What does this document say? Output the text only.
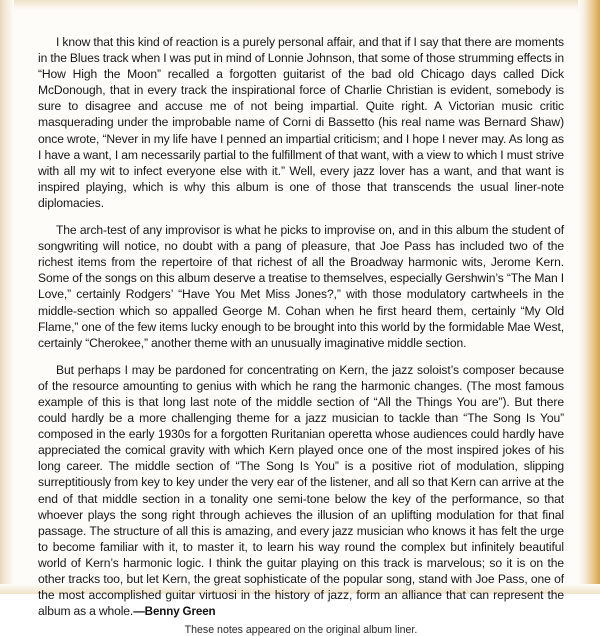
I know that this kind of reaction is a purely personal affair, and that if I say that there are moments in the Blues track when I was put in mind of Lonnie Johnson, that some of those strumming effects in “How High the Moon” recalled a forgotten guitarist of the bad old Chicago days called Dick McDonough, that in every track the inspirational force of Charlie Christian is evident, somebody is sure to disagree and accuse me of not being impartial. Quite right. A Victorian music critic masquerading under the improbable name of Corni di Bassetto (his real name was Bernard Shaw) once wrote, “Never in my life have I penned an impartial criticism; and I hope I never may. As long as I have a want, I am necessarily partial to the fulfillment of that want, with a view to which I must strive with all my wit to infect everyone else with it.” Well, every jazz lover has a want, and that want is inspired playing, which is why this album is one of those that transcends the usual liner-note diplomacies.

The arch-test of any improvisor is what he picks to improvise on, and in this album the student of songwriting will notice, no doubt with a pang of pleasure, that Joe Pass has included two of the richest items from the repertoire of that richest of all the Broadway harmonic wits, Jerome Kern. Some of the songs on this album deserve a treatise to themselves, especially Gershwin’s “The Man I Love,” certainly Rodgers’ “Have You Met Miss Jones?,” with those modulatory cartwheels in the middle-section which so appalled George M. Cohan when he first heard them, certainly “My Old Flame,” one of the few items lucky enough to be brought into this world by the formidable Mae West, certainly “Cherokee,” another theme with an unusually imaginative middle section.

But perhaps I may be pardoned for concentrating on Kern, the jazz soloist’s composer because of the resource amounting to genius with which he rang the harmonic changes. (The most famous example of this is that long last note of the middle section of “All the Things You are”). But there could hardly be a more challenging theme for a jazz musician to tackle than “The Song Is You” composed in the early 1930s for a forgotten Ruritanian operetta whose audiences could hardly have appreciated the comical gravity with which Kern played once one of the most inspired jokes of his long career. The middle section of “The Song Is You” is a positive riot of modulation, slipping surreptitiously from key to key under the very ear of the listener, and all so that Kern can arrive at the end of that middle section in a tonality one semi-tone below the key of the performance, so that whoever plays the song right through achieves the illusion of an uplifting modulation for that final passage. The structure of all this is amazing, and every jazz musician who knows it has felt the urge to become familiar with it, to master it, to learn his way round the complex but infinitely beautiful world of Kern’s harmonic logic. I think the guitar playing on this track is marvelous; so it is on the other tracks too, but let Kern, the great sophisticate of the popular song, stand with Joe Pass, one of the most accomplished guitar virtuosi in the history of jazz, form an alliance that can represent the album as a whole.—Benny Green

These notes appeared on the original album liner.
